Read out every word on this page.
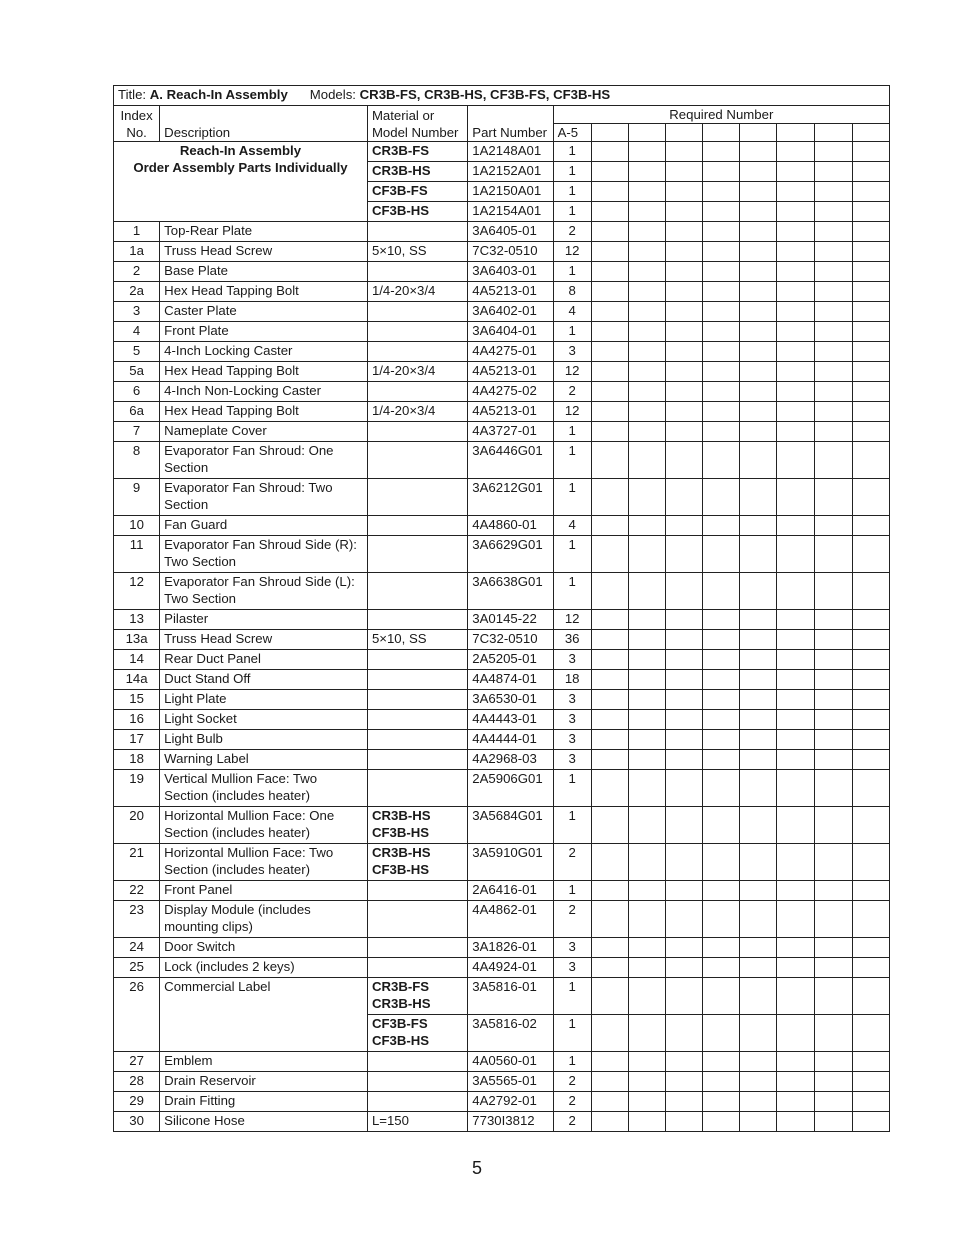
Title: A. Reach-In Assembly Models: CR3B-FS, CR3B-HS, CF3B-FS, CF3B-HS												

Index
No.	Description	Material or
Model Number	Part Number	Required Number								
				A-5								

Reach-In Assembly
Order Assembly Parts Individually		CR3B-FS	1A2148A01	1								
		CR3B-HS	1A2152A01	1								
		CF3B-FS	1A2150A01	1								
		CF3B-HS	1A2154A01	1								
1	Top-Rear Plate		3A6405-01	2								
1a	Truss Head Screw	5×10, SS	7C32-0510	12								
2	Base Plate		3A6403-01	1								
2a	Hex Head Tapping Bolt	1/4-20×3/4	4A5213-01	8								
3	Caster Plate		3A6402-01	4								
4	Front Plate		3A6404-01	1								
5	4-Inch Locking Caster		4A4275-01	3								
5a	Hex Head Tapping Bolt	1/4-20×3/4	4A5213-01	12								
6	4-Inch Non-Locking Caster		4A4275-02	2								
6a	Hex Head Tapping Bolt	1/4-20×3/4	4A5213-01	12								
7	Nameplate Cover		4A3727-01	1								
8	Evaporator Fan Shroud: One Section		3A6446G01	1								
9	Evaporator Fan Shroud: Two Section		3A6212G01	1								
10	Fan Guard		4A4860-01	4								
11	Evaporator Fan Shroud Side (R): Two Section		3A6629G01	1								
12	Evaporator Fan Shroud Side (L): Two Section		3A6638G01	1								
13	Pilaster		3A0145-22	12								
13a	Truss Head Screw	5×10, SS	7C32-0510	36								
14	Rear Duct Panel		2A5205-01	3								
14a	Duct Stand Off		4A4874-01	18								
15	Light Plate		3A6530-01	3								
16	Light Socket		4A4443-01	3								
17	Light Bulb		4A4444-01	3								
18	Warning Label		4A2968-03	3								
19	Vertical Mullion Face: Two Section (includes heater)		2A5906G01	1								
20	Horizontal Mullion Face: One Section (includes heater)	CR3B-HS
CF3B-HS	3A5684G01	1								
21	Horizontal Mullion Face: Two Section (includes heater)	CR3B-HS
CF3B-HS	3A5910G01	2								
22	Front Panel		2A6416-01	1								
23	Display Module (includes mounting clips)		4A4862-01	2								
24	Door Switch		3A1826-01	3								
25	Lock (includes 2 keys)		4A4924-01	3								
26	Commercial Label	CR3B-FS
CR3B-HS	3A5816-01	1								

		CF3B-FS
CF3B-HS	3A5816-02	1								
27	Emblem		4A0560-01	1								
28	Drain Reservoir		3A5565-01	2								
29	Drain Fitting		4A2792-01	2								
30	Silicone Hose	L=150	7730I3812	2								
5
